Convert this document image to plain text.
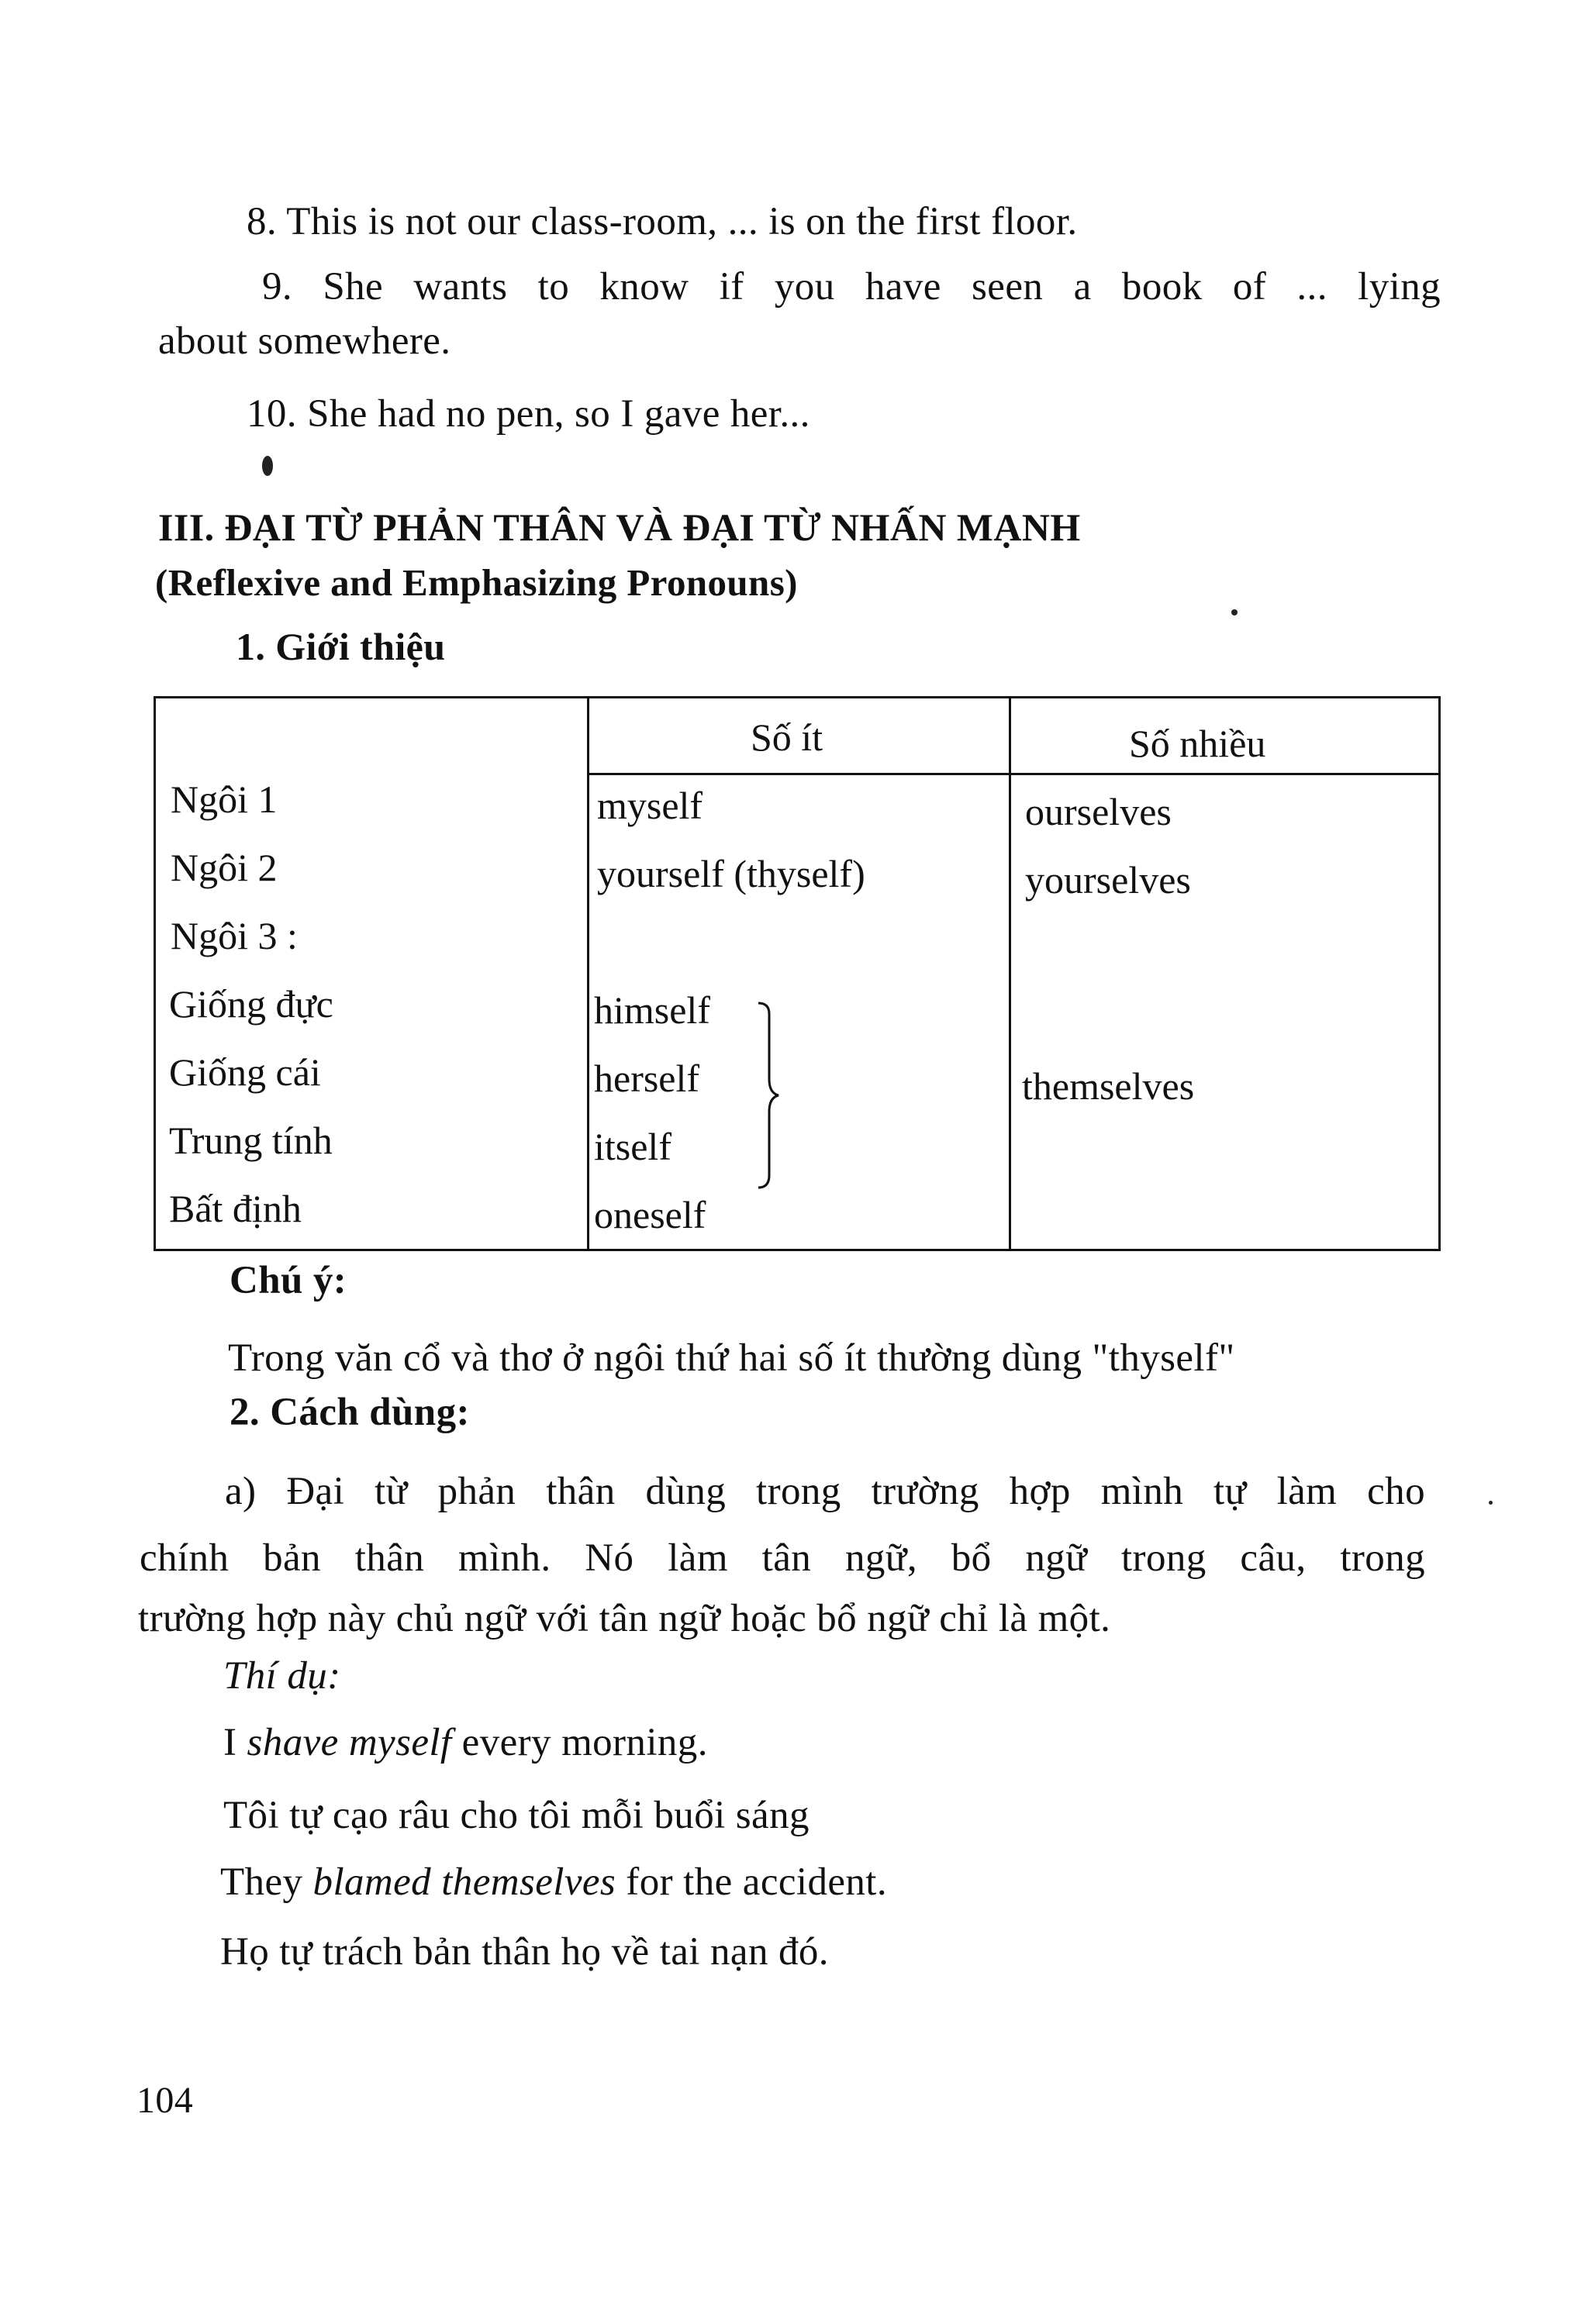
8. This is not our class-room, ... is on the first floor.
9. She wants to know if you have seen a book of ... lying
about somewhere.
10. She had no pen, so I gave her...
III. ĐẠI TỪ PHẢN THÂN VÀ ĐẠI TỪ NHẤN MẠNH
(Reflexive and Emphasizing Pronouns)
1. Giới thiệu
Số ít	Số nhiều
Ngôi 1
Ngôi 2
Ngôi 3 :
Giống đực
Giống cái
Trung tính
Bất định
myself
yourself (thyself)
himself
herself
itself
oneself
ourselves
yourselves
themselves
Chú ý:
Trong văn cổ và thơ ở ngôi thứ hai số ít thường dùng "thyself"
2. Cách dùng:
a) Đại từ phản thân dùng trong trường hợp mình tự làm cho
chính bản thân mình. Nó làm tân ngữ, bổ ngữ trong câu, trong
trường hợp này chủ ngữ với tân ngữ hoặc bổ ngữ chỉ là một.
Thí dụ:
I shave myself every morning.
Tôi tự cạo râu cho tôi mỗi buổi sáng
They blamed themselves for the accident.
Họ tự trách bản thân họ về tai nạn đó.
104
